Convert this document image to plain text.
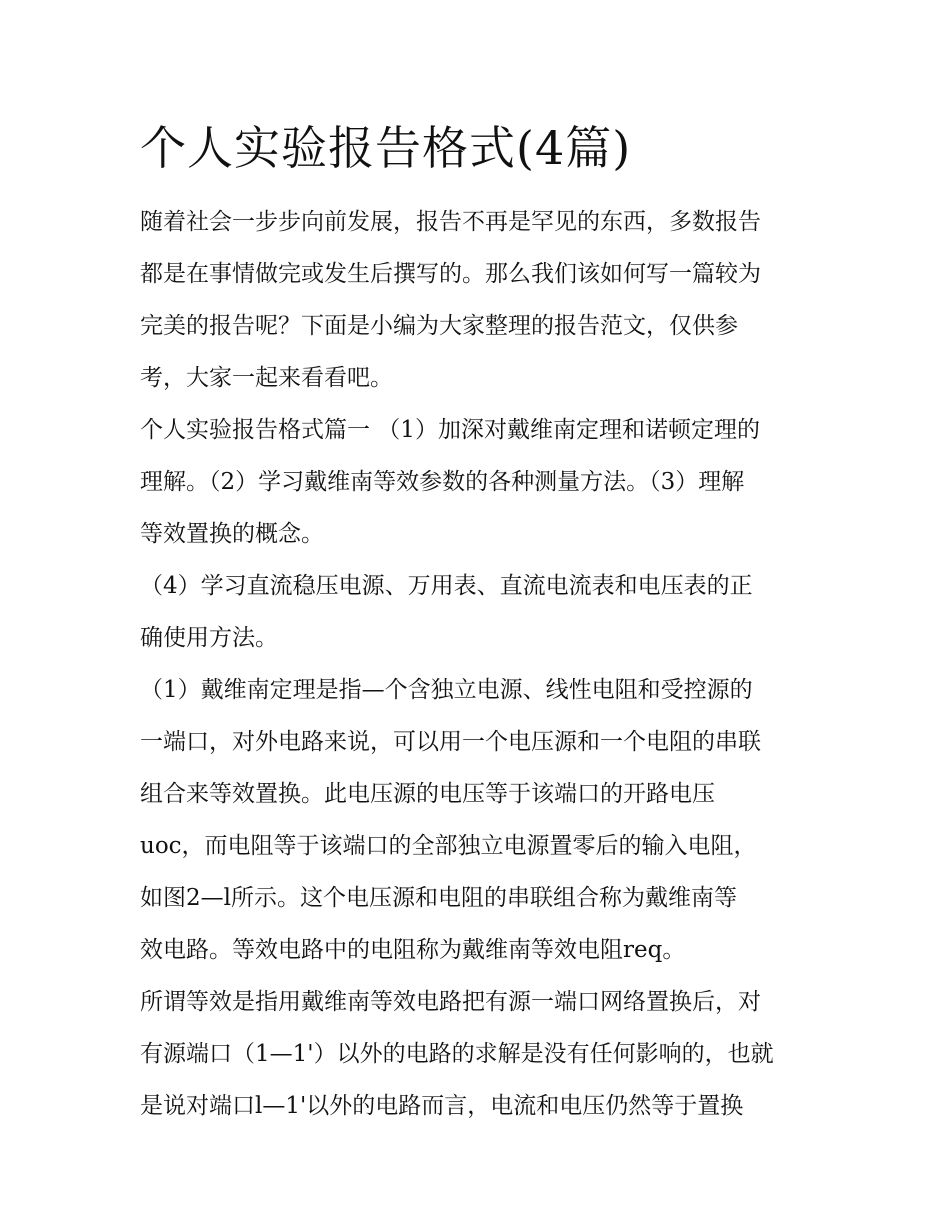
个人实验报告格式(4篇)
随着社会一步步向前发展，报告不再是罕见的东西，多数报告
都是在事情做完或发生后撰写的。那么我们该如何写一篇较为
完美的报告呢？下面是小编为大家整理的报告范文，仅供参
考，大家一起来看看吧。
个人实验报告格式篇一 （1）加深对戴维南定理和诺顿定理的
理解。（2）学习戴维南等效参数的各种测量方法。（3）理解
等效置换的概念。
（4）学习直流稳压电源、万用表、直流电流表和电压表的正
确使用方法。
（1）戴维南定理是指—个含独立电源、线性电阻和受控源的
一端口，对外电路来说，可以用一个电压源和一个电阻的串联
组合来等效置换。此电压源的电压等于该端口的开路电压
uoc，而电阻等于该端口的全部独立电源置零后的输入电阻，
如图2—l所示。这个电压源和电阻的串联组合称为戴维南等
效电路。等效电路中的电阻称为戴维南等效电阻req。
所谓等效是指用戴维南等效电路把有源一端口网络置换后，对
有源端口（1—1'）以外的电路的求解是没有任何影响的，也就
是说对端口l—1'以外的电路而言，电流和电压仍然等于置换
